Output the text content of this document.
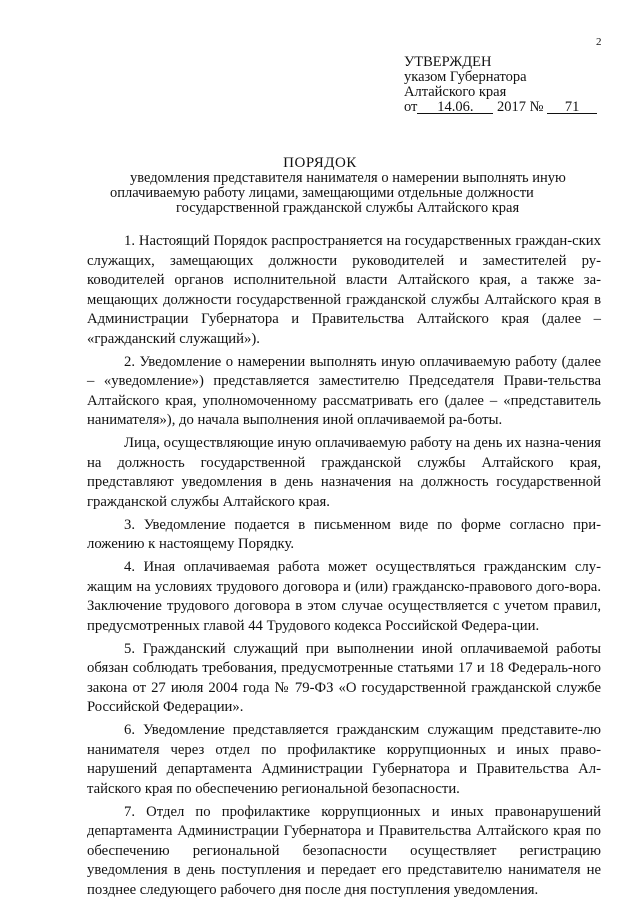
2
УТВЕРЖДЕН
указом Губернатора
Алтайского края
от 14.06. 2017 № 71
ПОРЯДОК
уведомления представителя нанимателя о намерении выполнять иную
оплачиваемую работу лицами, замещающими отдельные должности
государственной гражданской службы Алтайского края

1. Настоящий Порядок распространяется на государственных граждан-ских служащих, замещающих должности руководителей и заместителей ру-ководителей органов исполнительной власти Алтайского края, а также за-мещающих должности государственной гражданской службы Алтайского края в Администрации Губернатора и Правительства Алтайского края (далее – «гражданский служащий»).

2. Уведомление о намерении выполнять иную оплачиваемую работу (далее – «уведомление») представляется заместителю Председателя Прави-тельства Алтайского края, уполномоченному рассматривать его (далее – «представитель нанимателя»), до начала выполнения иной оплачиваемой ра-боты.

Лица, осуществляющие иную оплачиваемую работу на день их назна-чения на должность государственной гражданской службы Алтайского края, представляют уведомления в день назначения на должность государственной гражданской службы Алтайского края.

3. Уведомление подается в письменном виде по форме согласно при-ложению к настоящему Порядку.

4. Иная оплачиваемая работа может осуществляться гражданским слу-жащим на условиях трудового договора и (или) гражданско-правового дого-вора. Заключение трудового договора в этом случае осуществляется с учетом правил, предусмотренных главой 44 Трудового кодекса Российской Федера-ции.

5. Гражданский служащий при выполнении иной оплачиваемой работы обязан соблюдать требования, предусмотренные статьями 17 и 18 Федераль-ного закона от 27 июля 2004 года № 79-ФЗ «О государственной гражданской службе Российской Федерации».

6. Уведомление представляется гражданским служащим представите-лю нанимателя через отдел по профилактике коррупционных и иных право-нарушений департамента Администрации Губернатора и Правительства Ал-тайского края по обеспечению региональной безопасности.

7. Отдел по профилактике коррупционных и иных правонарушений департамента Администрации Губернатора и Правительства Алтайского края по обеспечению региональной безопасности осуществляет регистрацию уведомления в день поступления и передает его представителю нанимателя не позднее следующего рабочего дня после дня поступления уведомления.
